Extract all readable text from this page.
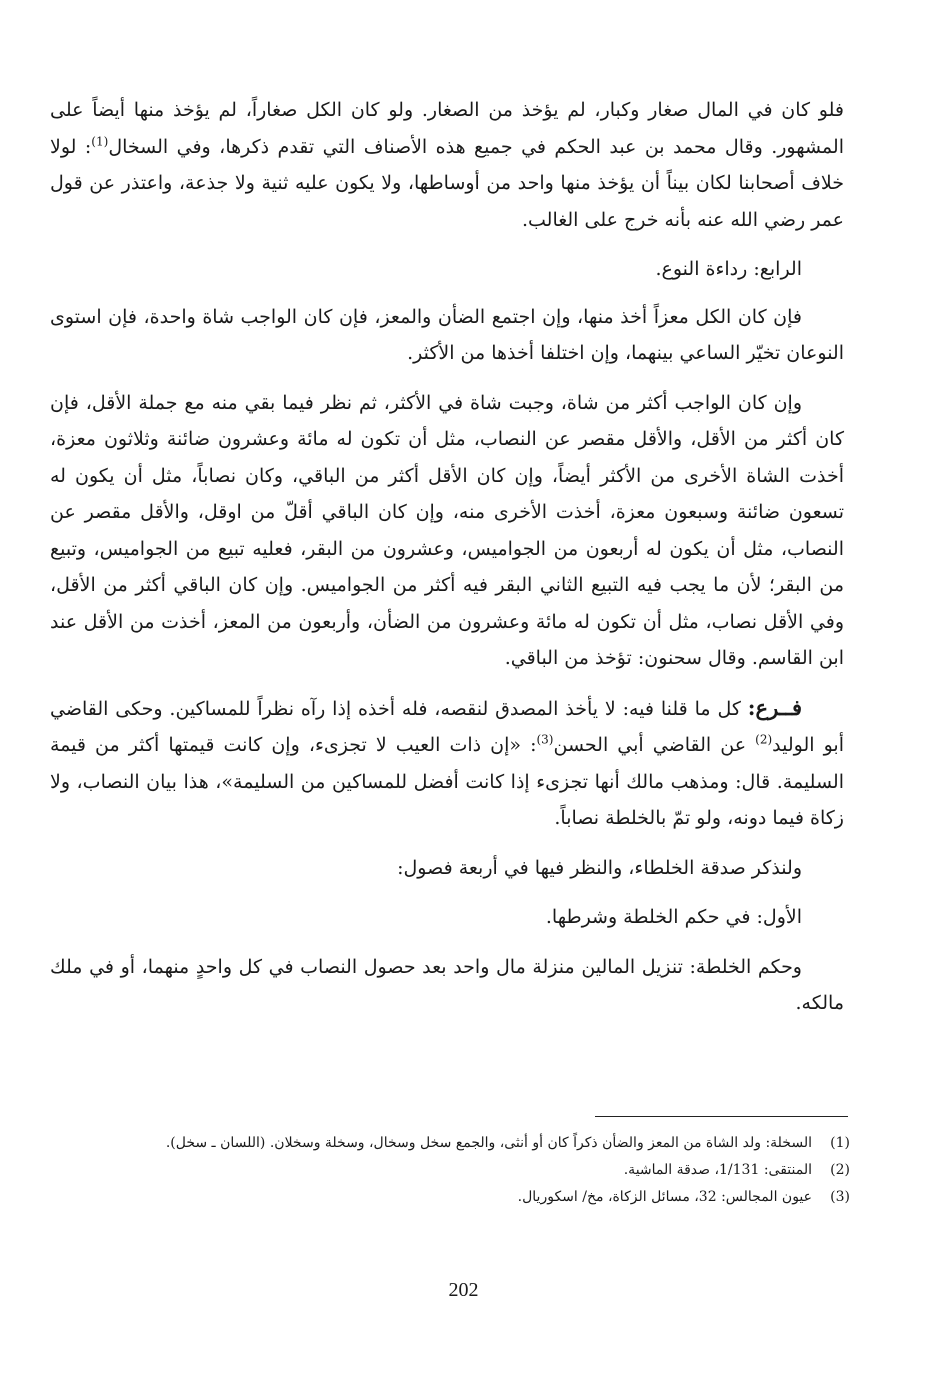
فلو كان في المال صغار وكبار، لم يؤخذ من الصغار. ولو كان الكل صغاراً، لم يؤخذ منها أيضاً على المشهور. وقال محمد بن عبد الحكم في جميع هذه الأصناف التي تقدم ذكرها، وفي السخال$^{(1)}$: لولا خلاف أصحابنا لكان بيناً أن يؤخذ منها واحد من أوساطها، ولا يكون عليه ثنية ولا جذعة، واعتذر عن قول عمر رضي الله عنه بأنه خرج على الغالب.

الرابع: رداءة النوع.

فإن كان الكل معزاً أخذ منها، وإن اجتمع الضأن والمعز، فإن كان الواجب شاة واحدة، فإن استوى النوعان تخيّر الساعي بينهما، وإن اختلفا أخذها من الأكثر.

وإن كان الواجب أكثر من شاة، وجبت شاة في الأكثر، ثم نظر فيما بقي منه مع جملة الأقل، فإن كان أكثر من الأقل، والأقل مقصر عن النصاب، مثل أن تكون له مائة وعشرون ضائنة وثلاثون معزة، أخذت الشاة الأخرى من الأكثر أيضاً، وإن كان الأقل أكثر من الباقي، وكان نصاباً، مثل أن يكون له تسعون ضائنة وسبعون معزة، أخذت الأخرى منه، وإن كان الباقي أقلّ من اوقل، والأقل مقصر عن النصاب، مثل أن يكون له أربعون من الجواميس، وعشرون من البقر، فعليه تبيع من الجواميس، وتبيع من البقر؛ لأن ما يجب فيه التبيع الثاني البقر فيه أكثر من الجواميس. وإن كان الباقي أكثر من الأقل، وفي الأقل نصاب، مثل أن تكون له مائة وعشرون من الضأن، وأربعون من المعز، أخذت من الأقل عند ابن القاسم. وقال سحنون: تؤخذ من الباقي.

فــرع: كل ما قلنا فيه: لا يأخذ المصدق لنقصه، فله أخذه إذا رآه نظراً للمساكين. وحكى القاضي أبو الوليد$^{(2)}$ عن القاضي أبي الحسن$^{(3)}$: «إن ذات العيب لا تجزىء، وإن كانت قيمتها أكثر من قيمة السليمة. قال: ومذهب مالك أنها تجزىء إذا كانت أفضل للمساكين من السليمة»، هذا بيان النصاب، ولا زكاة فيما دونه، ولو تمّ بالخلطة نصاباً.

ولنذكر صدقة الخلطاء، والنظر فيها في أربعة فصول:

الأول: في حكم الخلطة وشرطها.

وحكم الخلطة: تنزيل المالين منزلة مال واحد بعد حصول النصاب في كل واحدٍ منهما، أو في ملك مالكه.

(1)
السخلة: ولد الشاة من المعز والضأن ذكراً كان أو أنثى، والجمع سخل وسخال، وسخلة وسخلان. (اللسان ـ سخل).
(2)
المنتقى: 1/131، صدقة الماشية.
(3)
عيون المجالس: 32، مسائل الزكاة، مخ/ اسكوريال.
202
